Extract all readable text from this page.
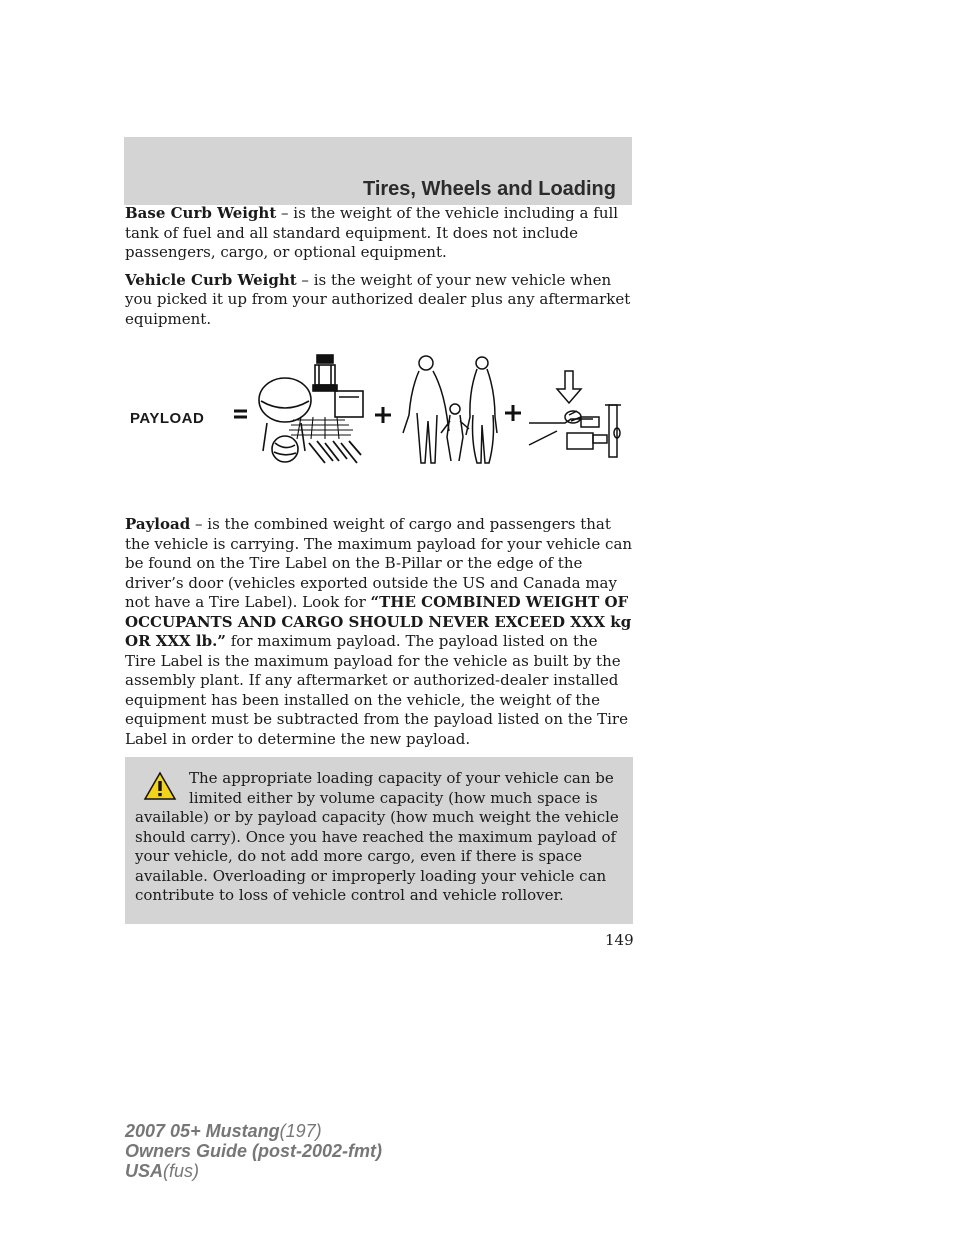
Tires, Wheels and Loading

Base Curb Weight – is the weight of the vehicle including a full tank of fuel and all standard equipment. It does not include passengers, cargo, or optional equipment.

Vehicle Curb Weight – is the weight of your new vehicle when you picked it up from your authorized dealer plus any aftermarket equipment.

PAYLOAD

Payload – is the combined weight of cargo and passengers that the vehicle is carrying. The maximum payload for your vehicle can be found on the Tire Label on the B-Pillar or the edge of the driver’s door (vehicles exported outside the US and Canada may not have a Tire Label). Look for “THE COMBINED WEIGHT OF OCCUPANTS AND CARGO SHOULD NEVER EXCEED XXX kg OR XXX lb.” for maximum payload. The payload listed on the Tire Label is the maximum payload for the vehicle as built by the assembly plant. If any aftermarket or authorized-dealer installed equipment has been installed on the vehicle, the weight of the equipment must be subtracted from the payload listed on the Tire Label in order to determine the new payload.

The appropriate loading capacity of your vehicle can be limited either by volume capacity (how much space is available) or by payload capacity (how much weight the vehicle should carry). Once you have reached the maximum payload of your vehicle, do not add more cargo, even if there is space available. Overloading or improperly loading your vehicle can contribute to loss of vehicle control and vehicle rollover.

149
2007 05+ Mustang(197)
Owners Guide (post-2002-fmt)
USA(fus)
